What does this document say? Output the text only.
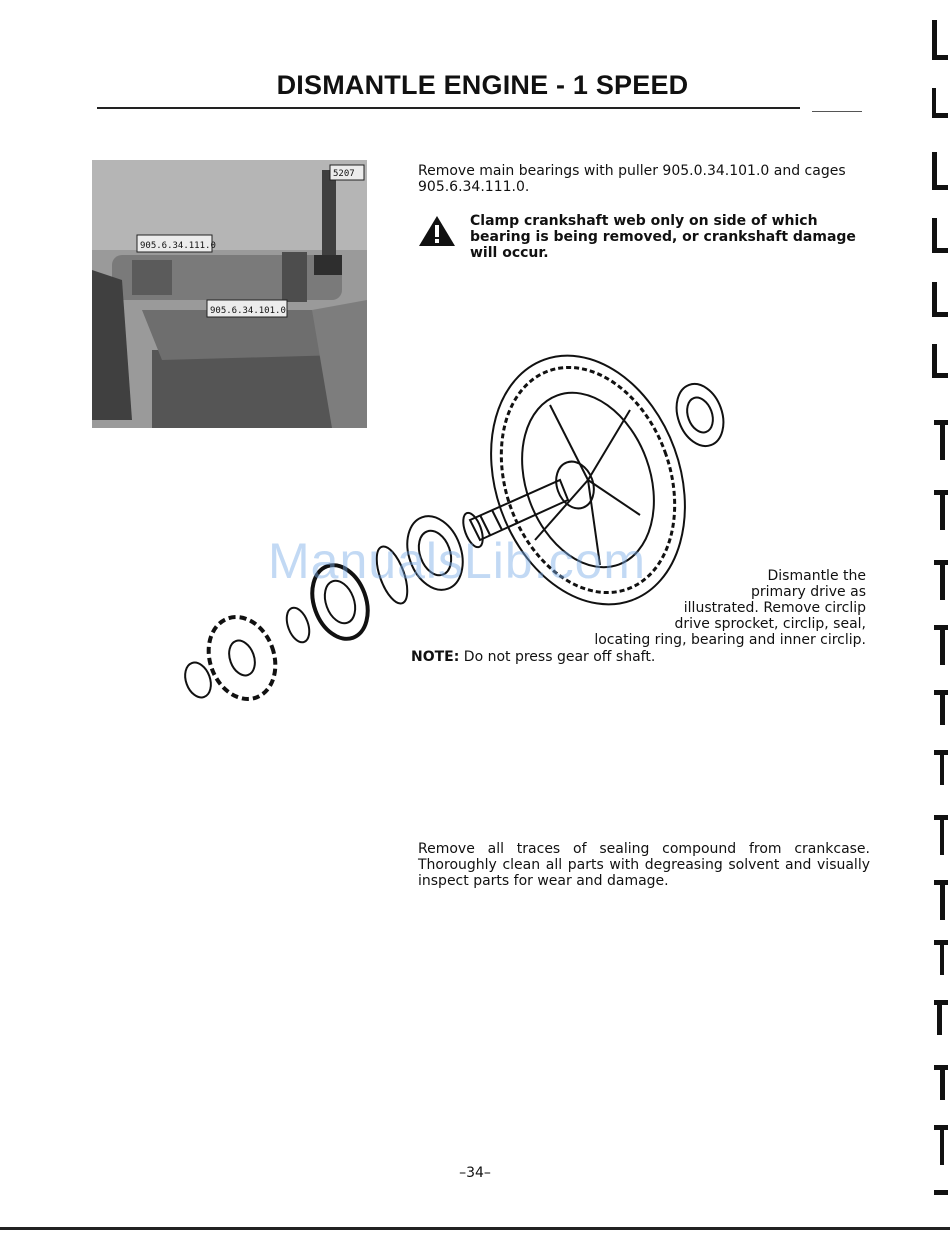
DISMANTLE ENGINE - 1 SPEED
905.6.34.111.0
905.6.34.101.0
5207	Remove main bearings with puller 905.0.34.101.0 and cages 905.6.34.111.0.
Clamp crankshaft web only on side of which bearing is being removed, or crankshaft damage will occur.
ManualsLib.com	Dismantle the
primary drive as
illustrated. Remove circlip
drive sprocket, circlip, seal,
locating ring, bearing and inner circlip.
NOTE: Do not press gear off shaft.
Remove all traces of sealing compound from crankcase. Thoroughly clean all parts with degreasing solvent and visually inspect parts for wear and damage.
–34–
